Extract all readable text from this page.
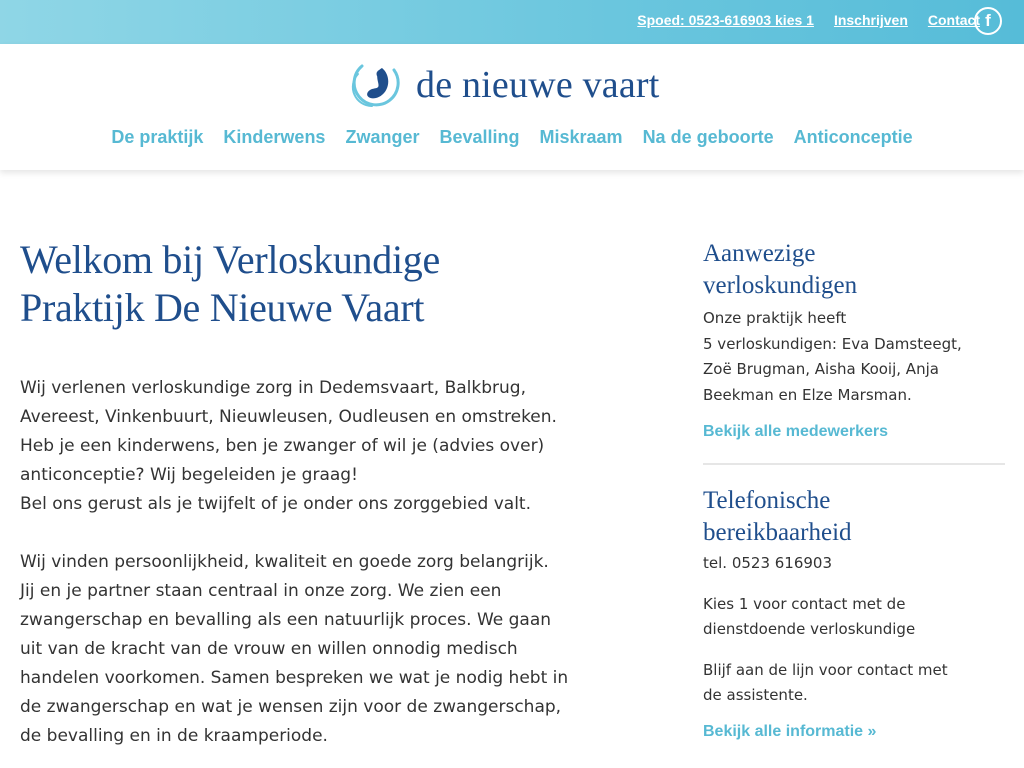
Spoed: 0523-616903 kies 1 Inschrijven Contact f
de nieuwe vaart
De praktijk Kinderwens Zwanger Bevalling Miskraam Na de geboorte Anticonceptie
Welkom bij Verloskundige
Praktijk De Nieuwe Vaart

Wij verlenen verloskundige zorg in Dedemsvaart, Balkbrug,
Avereest, Vinkenbuurt, Nieuwleusen, Oudleusen en omstreken.
Heb je een kinderwens, ben je zwanger of wil je (advies over)
anticonceptie? Wij begeleiden je graag!
Bel ons gerust als je twijfelt of je onder ons zorggebied valt.

Wij vinden persoonlijkheid, kwaliteit en goede zorg belangrijk.
Jij en je partner staan centraal in onze zorg. We zien een
zwangerschap en bevalling als een natuurlijk proces. We gaan
uit van de kracht van de vrouw en willen onnodig medisch
handelen voorkomen. Samen bespreken we wat je nodig hebt in
de zwangerschap en wat je wensen zijn voor de zwangerschap,
de bevalling en in de kraamperiode.

Aanwezige
verloskundigen

Onze praktijk heeft
5 verloskundigen: Eva Damsteegt,
Zoë Brugman, Aisha Kooij, Anja
Beekman en Elze Marsman.

Bekijk alle medewerkers
Telefonische
bereikbaarheid

tel. 0523 616903

Kies 1 voor contact met de
dienstdoende verloskundige

Blijf aan de lijn voor contact met
de assistente.

Bekijk alle informatie »
